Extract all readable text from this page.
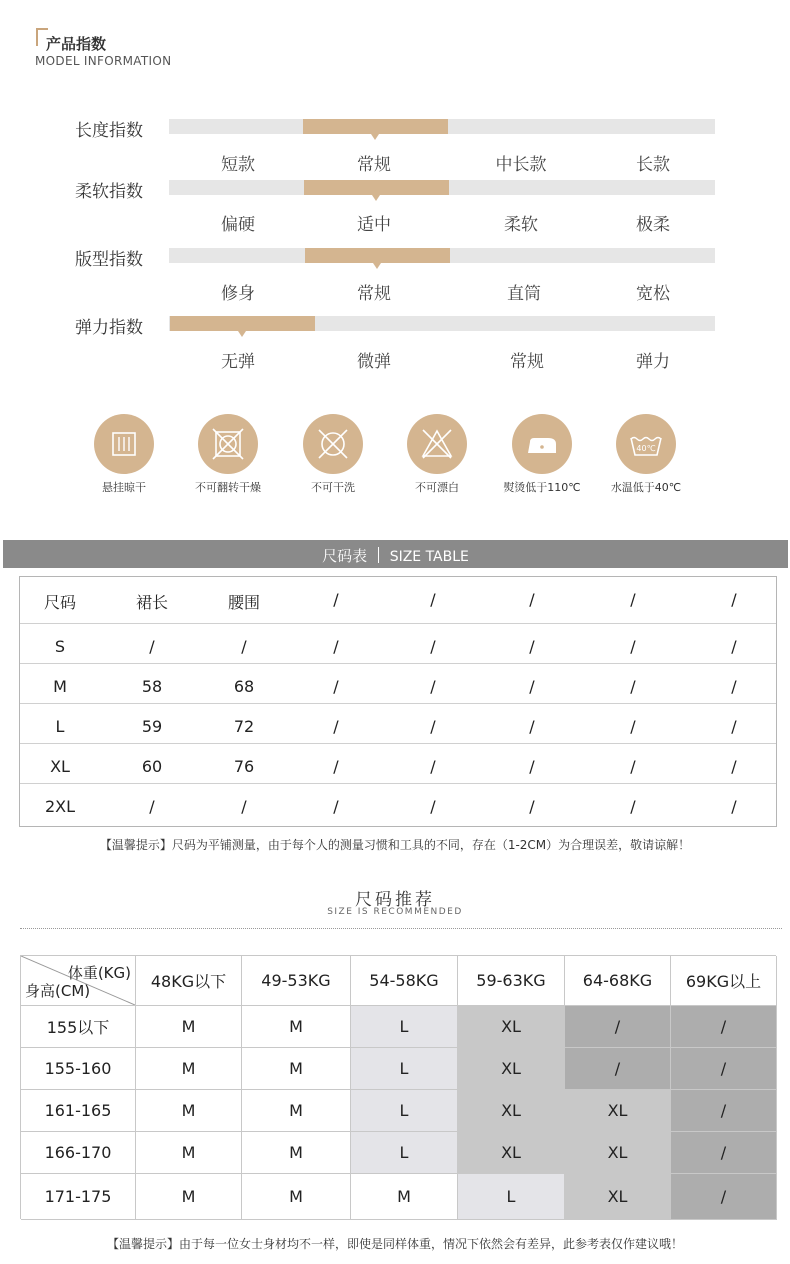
产品指数
MODEL INFORMATION
长度指数
短款	常规	中长款	长款
柔软指数
偏硬	适中	柔软	极柔
版型指数
修身	常规	直筒	宽松
弹力指数
无弹	微弹	常规	弹力
悬挂晾干	不可翻转干燥	不可干洗	不可漂白	熨烫低于110℃
40℃
水温低于40℃
尺码表 SIZE TABLE
尺码	裙长	腰围	/	/	/	/	/
S	/	/	/	/	/	/	/
M	58	68	/	/	/	/	/
L	59	72	/	/	/	/	/
XL	60	76	/	/	/	/	/
2XL	/	/	/	/	/	/	/
【温馨提示】尺码为平铺测量，由于每个人的测量习惯和工具的不同，存在（1-2CM）为合理误差，敬请谅解！
尺码推荐
SIZE IS RECOMMENDED
体重(KG)
身高(CM)	48KG以下	49-53KG	54-58KG	59-63KG	64-68KG	69KG以上
155以下	M	M	L	XL	/	/
155-160	M	M	L	XL	/	/
161-165	M	M	L	XL	XL	/
166-170	M	M	L	XL	XL	/
171-175	M	M	M	L	XL	/
【温馨提示】由于每一位女士身材均不一样，即使是同样体重，情况下依然会有差异，此参考表仅作建议哦！
